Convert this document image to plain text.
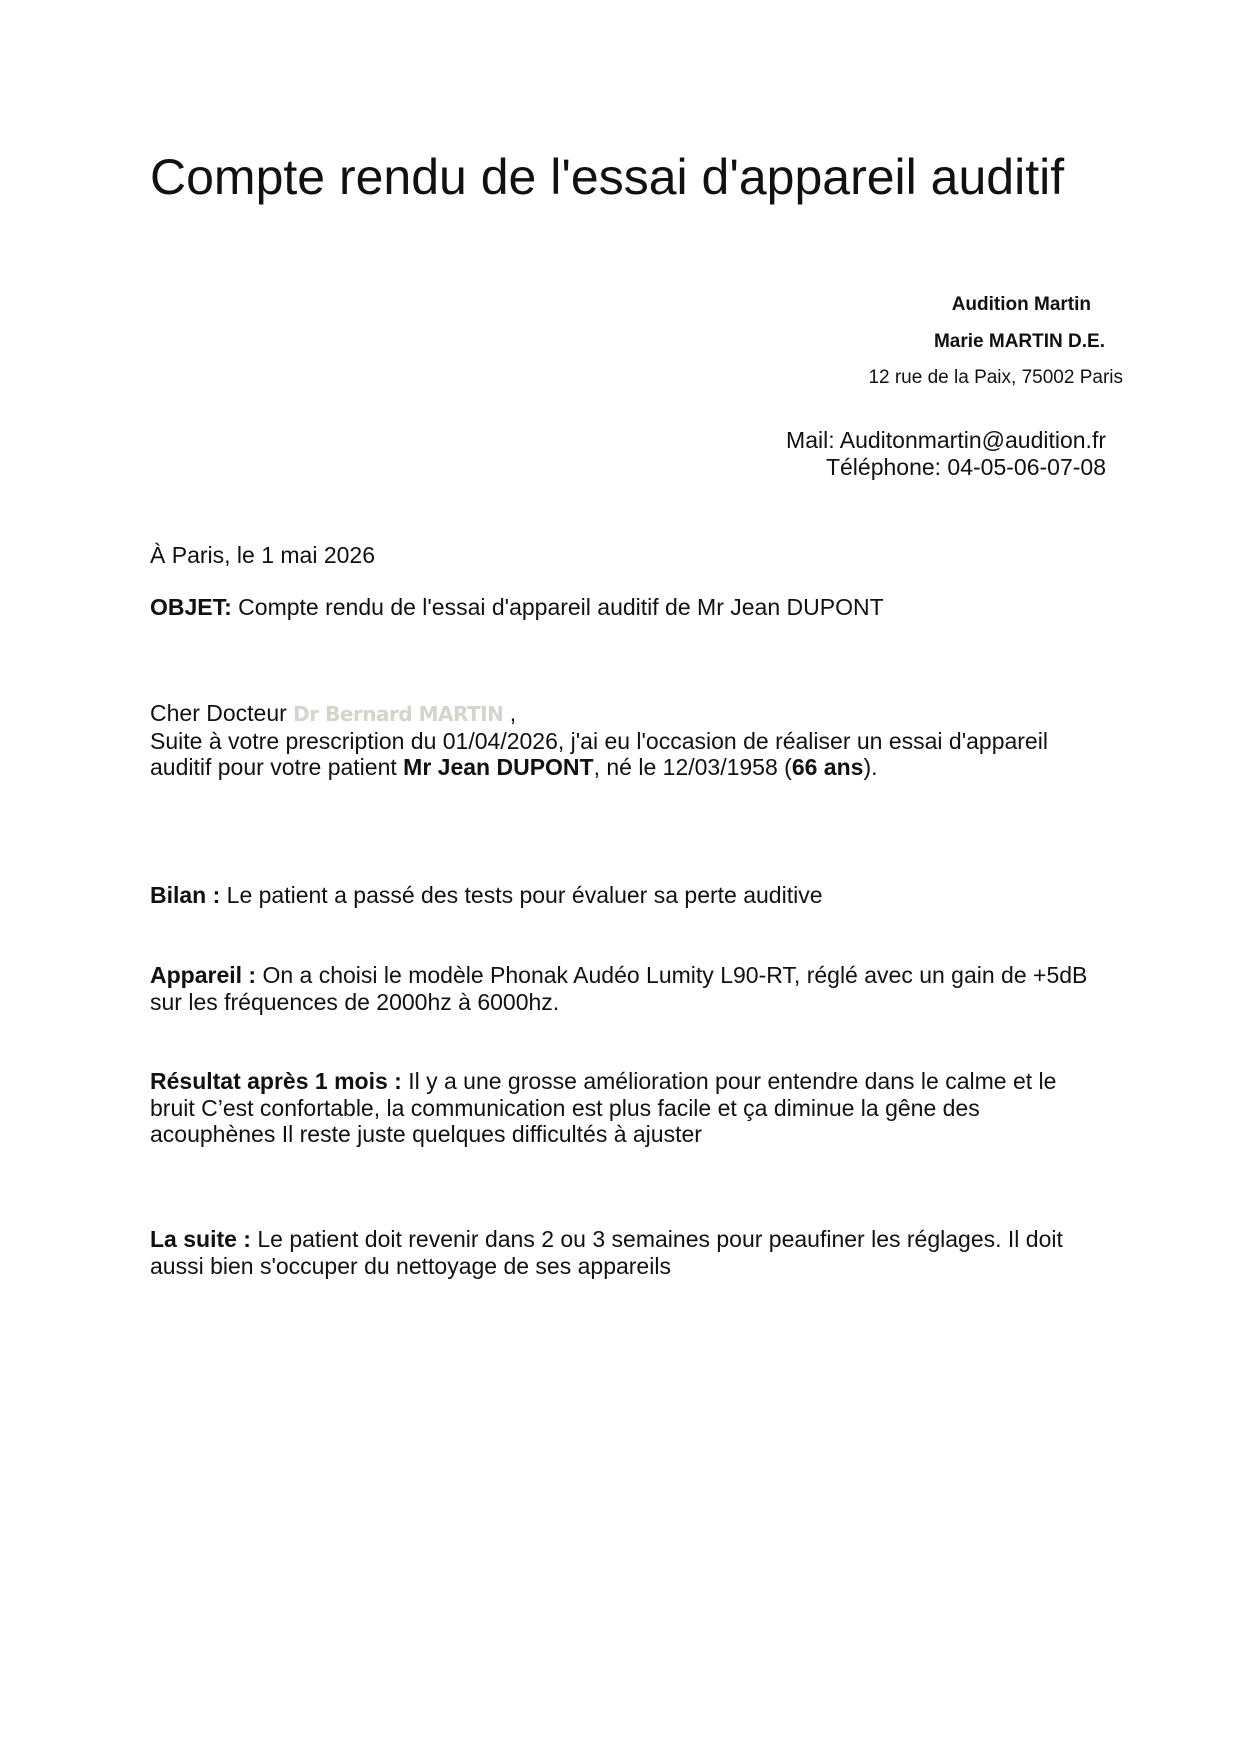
Compte rendu de l'essai d'appareil auditif
Audition Martin
Marie MARTIN D.E.
12 rue de la Paix, 75002 Paris
Mail: Auditonmartin@audition.fr
Téléphone: 04-05-06-07-08
À Paris, le 1 mai 2026
OBJET: Compte rendu de l'essai d'appareil auditif de Mr Jean DUPONT

Cher Docteur Dr Bernard MARTIN ,

Suite à votre prescription du 01/04/2026, j'ai eu l'occasion de réaliser un essai d'appareil

auditif pour votre patient Mr Jean DUPONT, né le 12/03/1958 (66 ans).

Bilan : Le patient a passé des tests pour évaluer sa perte auditive

Appareil : On a choisi le modèle Phonak Audéo Lumity L90-RT, réglé avec un gain de +5dB

sur les fréquences de 2000hz à 6000hz.

Résultat après 1 mois : Il y a une grosse amélioration pour entendre dans le calme et le

bruit C’est confortable, la communication est plus facile et ça diminue la gêne des

acouphènes Il reste juste quelques difficultés à ajuster

La suite : Le patient doit revenir dans 2 ou 3 semaines pour peaufiner les réglages. Il doit

aussi bien s'occuper du nettoyage de ses appareils
